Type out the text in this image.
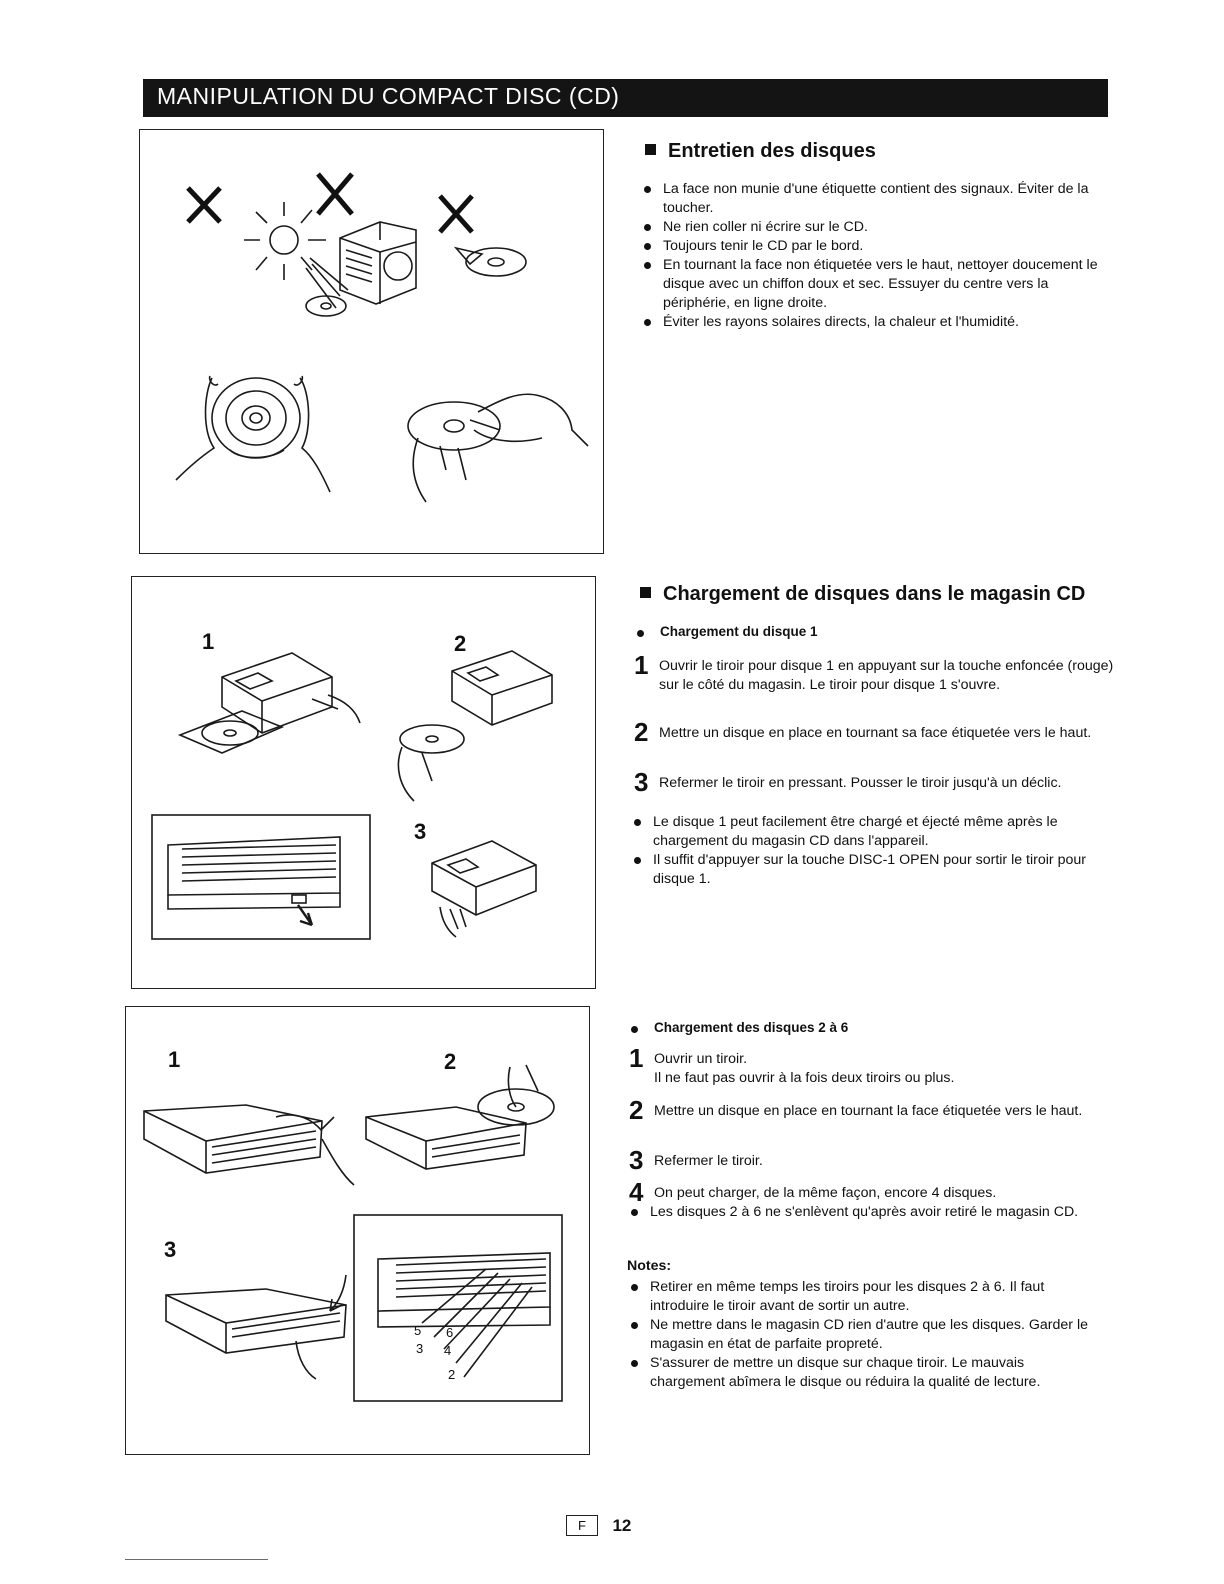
MANIPULATION DU COMPACT DISC (CD)
1	2
3
1	2
3
5 6
3 4
2
Entretien des disques
La face non munie d'une étiquette contient des signaux. Éviter de la toucher.
Ne rien coller ni écrire sur le CD.
Toujours tenir le CD par le bord.
En tournant la face non étiquetée vers le haut, nettoyer doucement le disque avec un chiffon doux et sec. Essuyer du centre vers la périphérie, en ligne droite.
Éviter les rayons solaires directs, la chaleur et l'humidité.
Chargement de disques dans le magasin CD
Chargement du disque 1
1 Ouvrir le tiroir pour disque 1 en appuyant sur la touche enfoncée (rouge) sur le côté du magasin. Le tiroir pour disque 1 s'ouvre.
2 Mettre un disque en place en tournant sa face étiquetée vers le haut.
3 Refermer le tiroir en pressant. Pousser le tiroir jusqu'à un déclic.
Le disque 1 peut facilement être chargé et éjecté même après le chargement du magasin CD dans l'appareil.
Il suffit d'appuyer sur la touche DISC-1 OPEN pour sortir le tiroir pour disque 1.
Chargement des disques 2 à 6
1 Ouvrir un tiroir.
Il ne faut pas ouvrir à la fois deux tiroirs ou plus.
2 Mettre un disque en place en tournant la face étiquetée vers le haut.
3 Refermer le tiroir.
4 On peut charger, de la même façon, encore 4 disques.
Les disques 2 à 6 ne s'enlèvent qu'après avoir retiré le magasin CD.
Notes:
Retirer en même temps les tiroirs pour les disques 2 à 6. Il faut introduire le tiroir avant de sortir un autre.
Ne mettre dans le magasin CD rien d'autre que les disques. Garder le magasin en état de parfaite propreté.
S'assurer de mettre un disque sur chaque tiroir. Le mauvais chargement abîmera le disque ou réduira la qualité de lecture.
F 12
